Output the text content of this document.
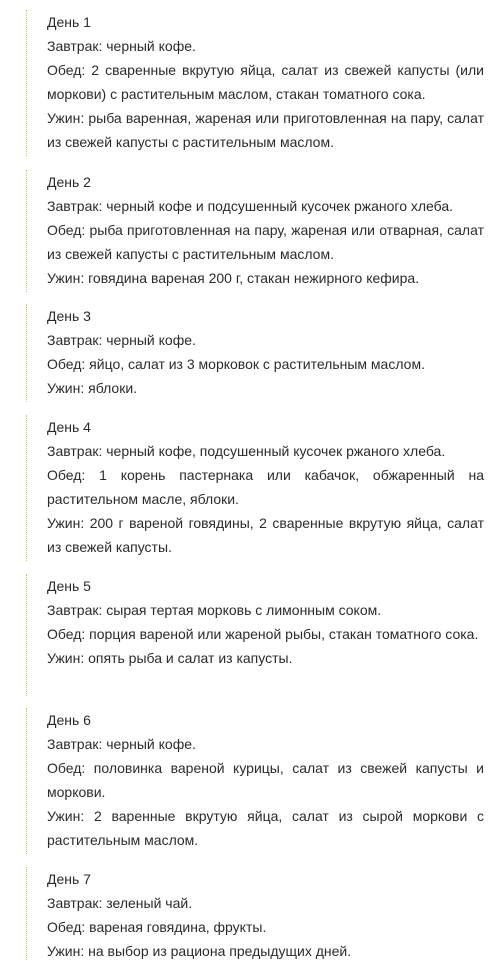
День 1

Завтрак: черный кофе.

Обед: 2 сваренные вкрутую яйца, салат из свежей капусты (или моркови) с растительным маслом, стакан томатного сока.

Ужин: рыба варенная, жареная или приготовленная на пару, салат из свежей капусты с растительным маслом.

День 2

Завтрак: черный кофе и подсушенный кусочек ржаного хлеба.

Обед: рыба приготовленная на пару, жареная или отварная, салат из свежей капусты с растительным маслом.

Ужин: говядина вареная 200 г, стакан нежирного кефира.

День 3

Завтрак: черный кофе.

Обед: яйцо, салат из 3 морковок с растительным маслом.

Ужин: яблоки.

День 4

Завтрак: черный кофе, подсушенный кусочек ржаного хлеба.

Обед: 1 корень пастернака или кабачок, обжаренный на растительном масле, яблоки.

Ужин: 200 г вареной говядины, 2 сваренные вкрутую яйца, салат из свежей капусты.

День 5

Завтрак: сырая тертая морковь с лимонным соком.

Обед: порция вареной или жареной рыбы, стакан томатного сока.

Ужин: опять рыба и салат из капусты.

День 6

Завтрак: черный кофе.

Обед: половинка вареной курицы, салат из свежей капусты и моркови.

Ужин: 2 варенные вкрутую яйца, салат из сырой моркови с растительным маслом.

День 7

Завтрак: зеленый чай.

Обед: вареная говядина, фрукты.

Ужин: на выбор из рациона предыдущих дней.
